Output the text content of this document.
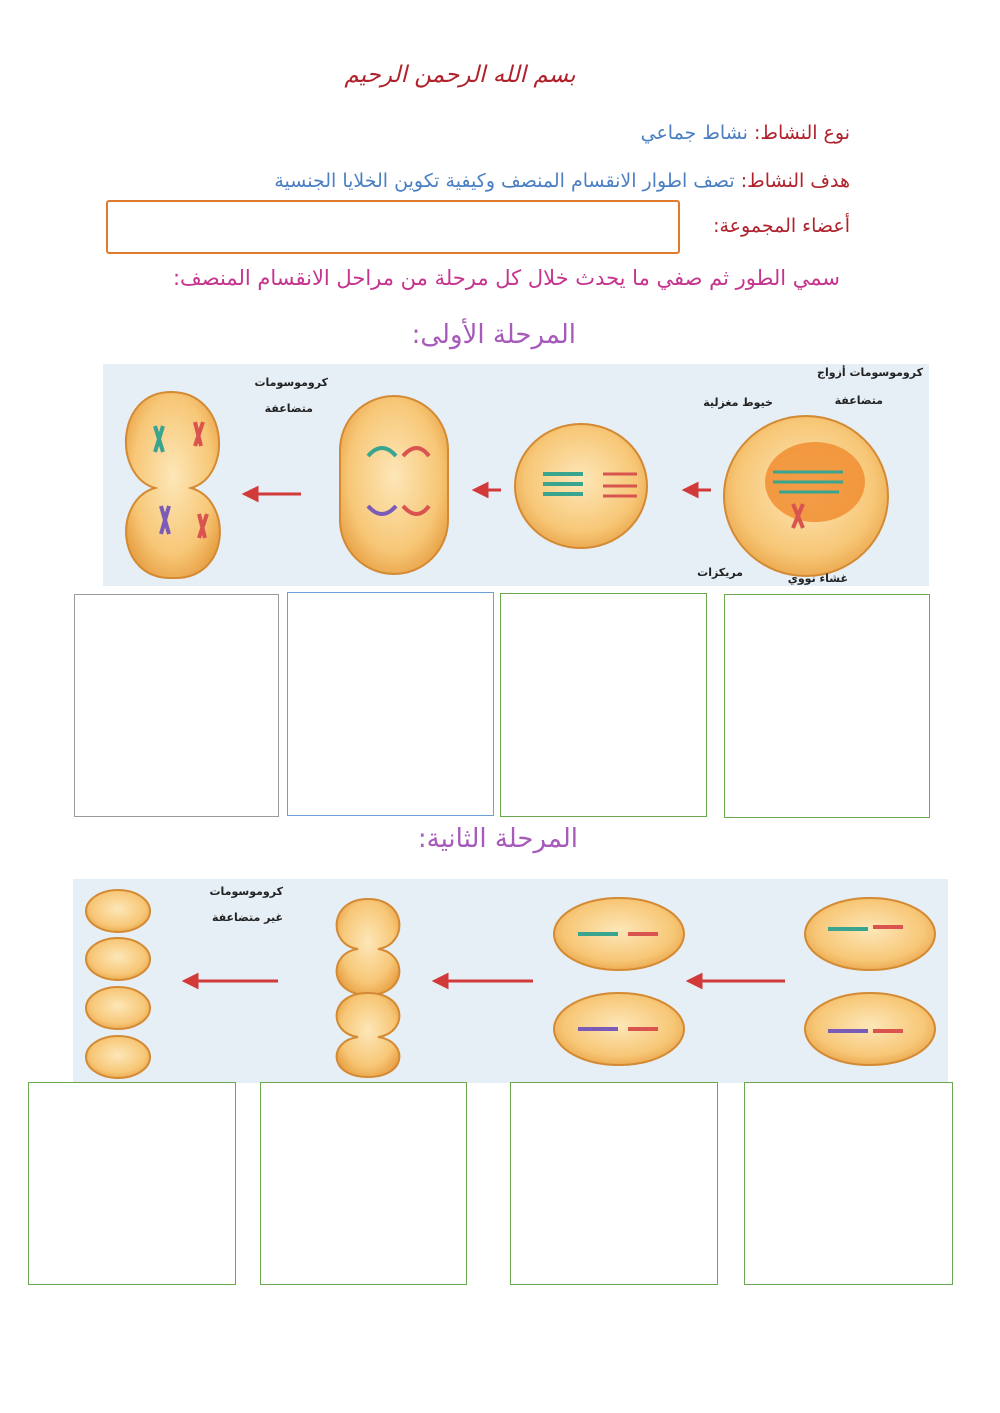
بسم الله الرحمن الرحيم
نوع النشاط: نشاط جماعي
هدف النشاط: تصف اطوار الانقسام المنصف وكيفية تكوين الخلايا الجنسية
أعضاء المجموعة:
سمي الطور ثم صفي ما يحدث خلال كل مرحلة من مراحل الانقسام المنصف:
المرحلة الأولى:
كروموسومات أزواج
متضاعفة
خيوط مغزلية
مريكزات	غشاء نووي
كروموسومات
متضاعفة
المرحلة الثانية:
كروموسومات
غير متضاعفة
